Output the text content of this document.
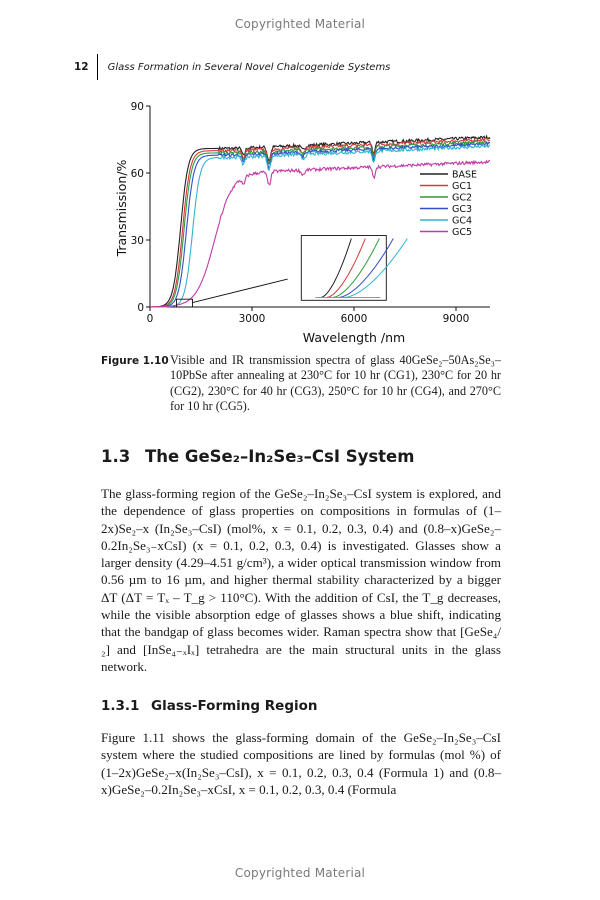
Copyrighted Material
12	Glass Formation in Several Novel Chalcogenide Systems
BASE
GC1
GC2
GC3
GC4
GC5
0	3000	6000	9000
0
30
60
90
Wavelength /nm
Transmission/%
Figure 1.10 Visible and IR transmission spectra of glass 40GeSe₂–50As₂Se₃–10PbSe after annealing at 230°C for 10 hr (CG1), 230°C for 20 hr (CG2), 230°C for 40 hr (CG3), 250°C for 10 hr (CG4), and 270°C for 10 hr (CG5).
1.3 The GeSe₂–In₂Se₃–CsI System
The glass-forming region of the GeSe₂–In₂Se₃–CsI system is explored, and the dependence of glass properties on compositions in formulas of (1–2x)Se₂–x (In₂Se₃–CsI) (mol%, x = 0.1, 0.2, 0.3, 0.4) and (0.8–x)GeSe₂–0.2In₂Se₃₋xCsI) (x = 0.1, 0.2, 0.3, 0.4) is investigated. Glasses show a larger density (4.29–4.51 g/cm³), a wider optical transmission window from 0.56 µm to 16 µm, and higher thermal stability characterized by a bigger ΔT (ΔT = Tₓ – T_g > 110°C). With the addition of CsI, the T_g decreases, while the visible absorption edge of glasses shows a blue shift, indicating that the bandgap of glass becomes wider. Raman spectra show that [GeSe₄/₂] and [InSe₄₋ₓIₓ] tetrahedra are the main structural units in the glass network.
1.3.1 Glass-Forming Region
Figure 1.11 shows the glass-forming domain of the GeSe₂–In₂Se₃–CsI system where the studied compositions are lined by formulas (mol %) of (1–2x)GeSe₂–x(In₂Se₃–CsI), x = 0.1, 0.2, 0.3, 0.4 (Formula 1) and (0.8–x)GeSe₂–0.2In₂Se₃–xCsI, x = 0.1, 0.2, 0.3, 0.4 (Formula
Copyrighted Material
